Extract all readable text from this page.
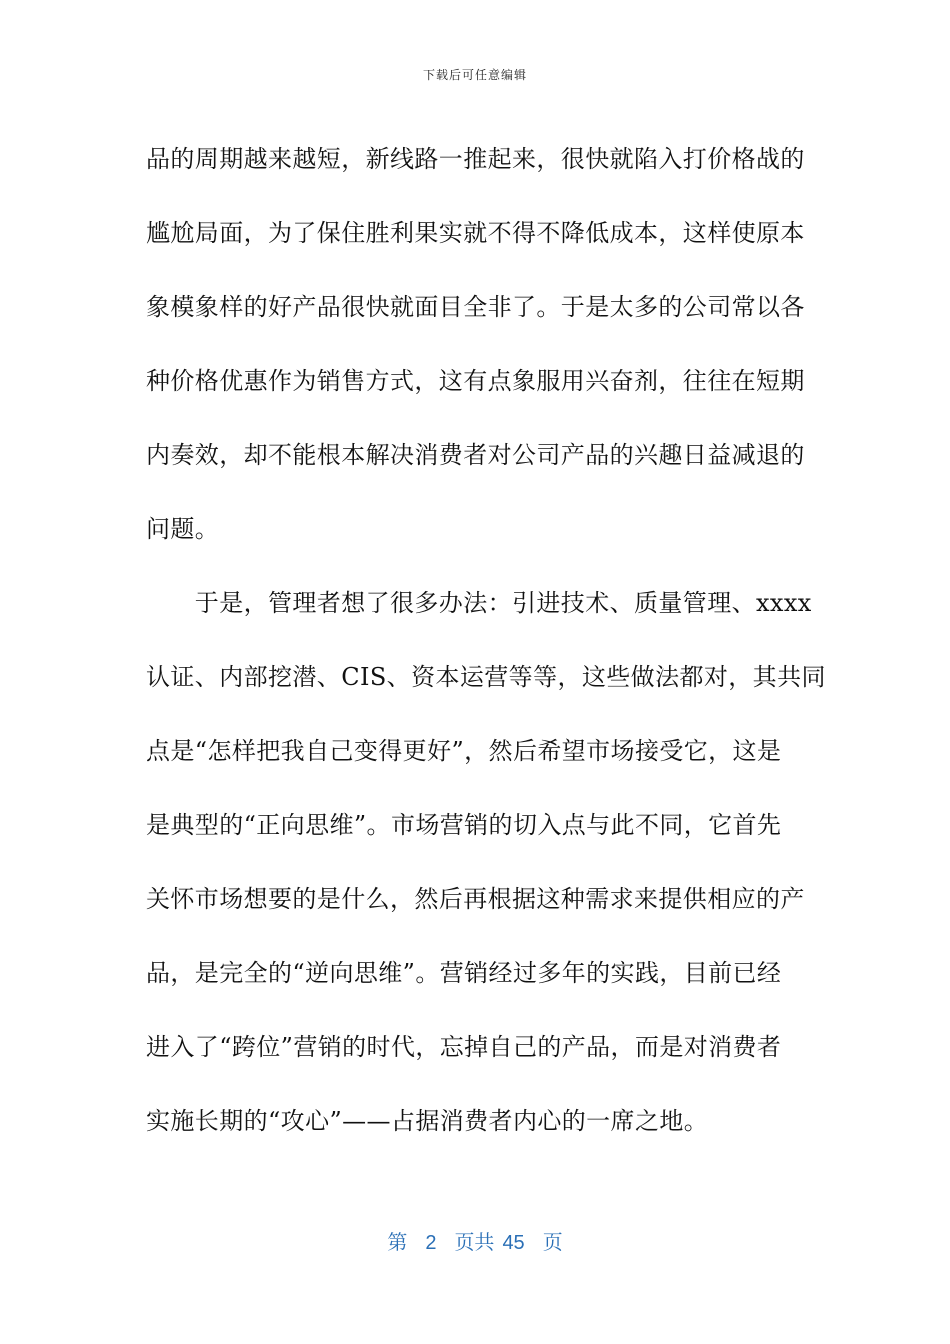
下载后可任意编辑
品的周期越来越短，新线路一推起来，很快就陷入打价格战的
尴尬局面，为了保住胜利果实就不得不降低成本，这样使原本
象模象样的好产品很快就面目全非了。于是太多的公司常以各
种价格优惠作为销售方式，这有点象服用兴奋剂，往往在短期
内奏效，却不能根本解决消费者对公司产品的兴趣日益减退的
问题。
　　于是，管理者想了很多办法：引进技术、质量管理、xxxx
认证、内部挖潜、CIS、资本运营等等，这些做法都对，其共同
点是“怎样把我自己变得更好”，然后希望市场接受它，这是
是典型的“正向思维”。市场营销的切入点与此不同，它首先
关怀市场想要的是什么，然后再根据这种需求来提供相应的产
品，是完全的“逆向思维”。营销经过多年的实践，目前已经
进入了“跨位”营销的时代，忘掉自己的产品，而是对消费者
实施长期的“攻心”——占据消费者内心的一席之地。
第 2 页共 45 页
